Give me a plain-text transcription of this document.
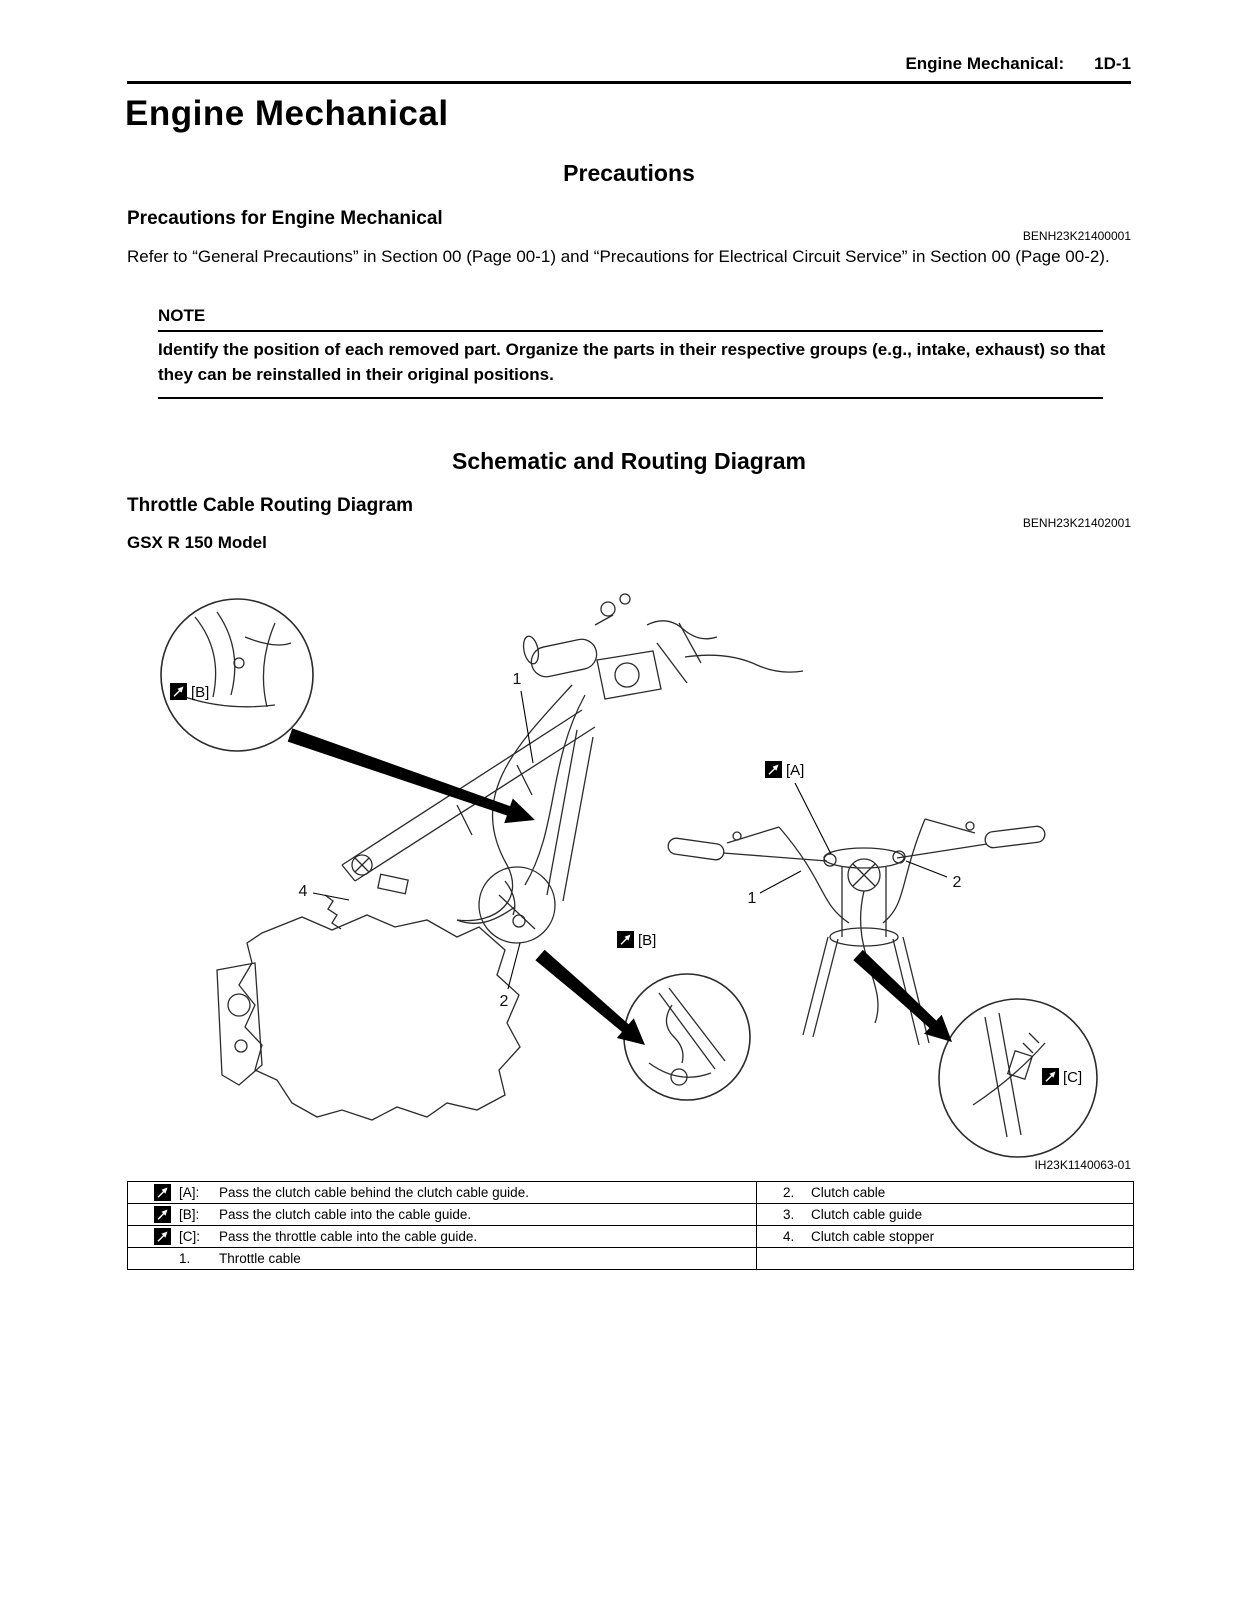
Engine Mechanical: 1D-1
Engine Mechanical
Precautions
Precautions for Engine Mechanical
BENH23K21400001
Refer to “General Precautions” in Section 00 (Page 00-1) and “Precautions for Electrical Circuit Service” in Section 00 (Page 00-2).
NOTE
Identify the position of each removed part. Organize the parts in their respective groups (e.g., intake, exhaust) so that they can be reinstalled in their original positions.
Schematic and Routing Diagram
Throttle Cable Routing Diagram
BENH23K21402001
GSX R 150 Model
[B]
[A]
[B]
[C]
1
4
2
1
2
IH23K1140063-01
[A]: Pass the clutch cable behind the clutch cable guide.	2. Clutch cable

[B]: Pass the clutch cable into the cable guide.	3. Clutch cable guide

[C]: Pass the throttle cable into the cable guide.	4. Clutch cable stopper

1. Throttle cable	
